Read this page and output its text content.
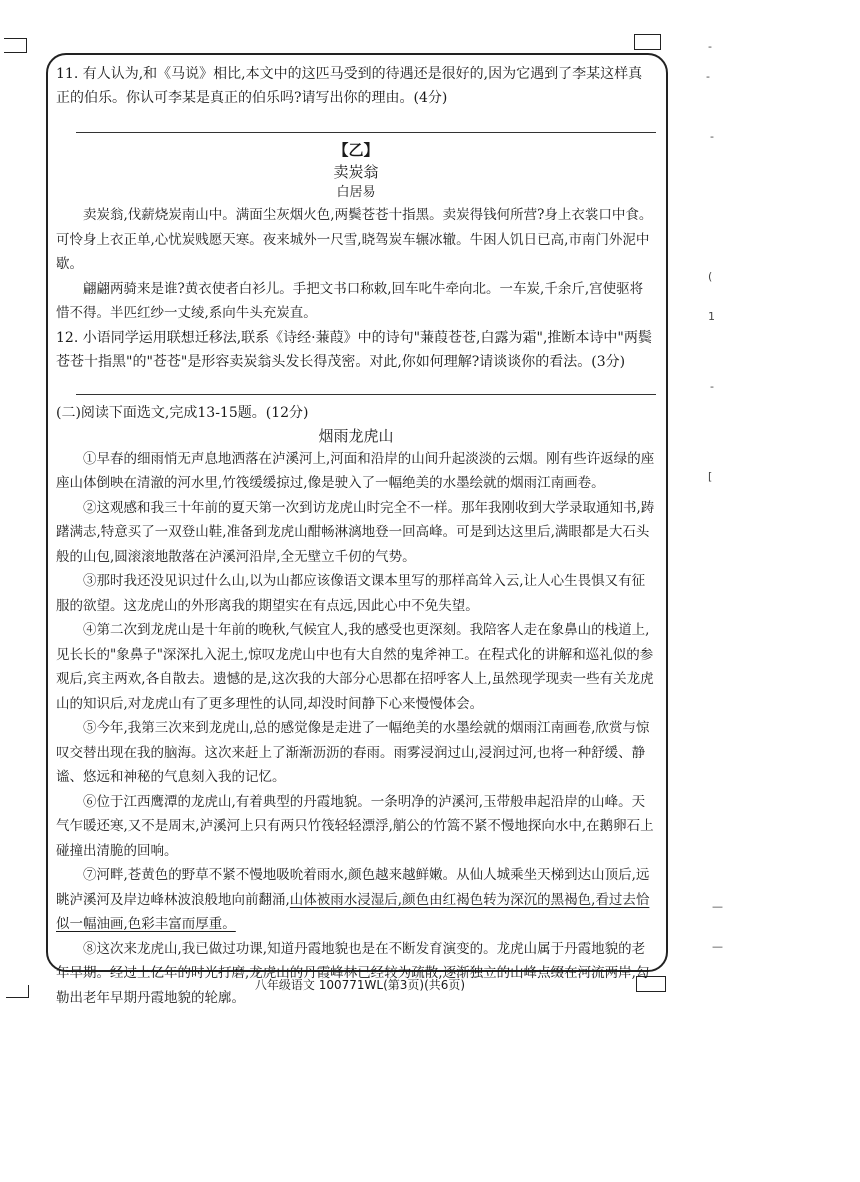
-
-
-
(
1
-
[
—
—
11. 有人认为,和《马说》相比,本文中的这匹马受到的待遇还是很好的,因为它遇到了李某这样真正的伯乐。你认可李某是真正的伯乐吗?请写出你的理由。(4分)
【乙】
卖炭翁
白居易

卖炭翁,伐薪烧炭南山中。满面尘灰烟火色,两鬓苍苍十指黑。卖炭得钱何所营?身上衣裳口中食。可怜身上衣正单,心忧炭贱愿天寒。夜来城外一尺雪,晓驾炭车辗冰辙。牛困人饥日已高,市南门外泥中歇。

翩翩两骑来是谁?黄衣使者白衫儿。手把文书口称敕,回车叱牛牵向北。一车炭,千余斤,宫使驱将惜不得。半匹红纱一丈绫,系向牛头充炭直。

12. 小语同学运用联想迁移法,联系《诗经·蒹葭》中的诗句"蒹葭苍苍,白露为霜",推断本诗中"两鬓苍苍十指黑"的"苍苍"是形容卖炭翁头发长得茂密。对此,你如何理解?请谈谈你的看法。(3分)
(二)阅读下面选文,完成13-15题。(12分)
烟雨龙虎山

①早春的细雨悄无声息地洒落在泸溪河上,河面和沿岸的山间升起淡淡的云烟。刚有些许返绿的座座山体倒映在清澈的河水里,竹筏缓缓掠过,像是驶入了一幅绝美的水墨绘就的烟雨江南画卷。

②这观感和我三十年前的夏天第一次到访龙虎山时完全不一样。那年我刚收到大学录取通知书,踌躇满志,特意买了一双登山鞋,准备到龙虎山酣畅淋漓地登一回高峰。可是到达这里后,满眼都是大石头般的山包,圆滚滚地散落在泸溪河沿岸,全无壁立千仞的气势。

③那时我还没见识过什么山,以为山都应该像语文课本里写的那样高耸入云,让人心生畏惧又有征服的欲望。这龙虎山的外形离我的期望实在有点远,因此心中不免失望。

④第二次到龙虎山是十年前的晚秋,气候宜人,我的感受也更深刻。我陪客人走在象鼻山的栈道上,见长长的"象鼻子"深深扎入泥土,惊叹龙虎山中也有大自然的鬼斧神工。在程式化的讲解和巡礼似的参观后,宾主两欢,各自散去。遗憾的是,这次我的大部分心思都在招呼客人上,虽然现学现卖一些有关龙虎山的知识后,对龙虎山有了更多理性的认同,却没时间静下心来慢慢体会。

⑤今年,我第三次来到龙虎山,总的感觉像是走进了一幅绝美的水墨绘就的烟雨江南画卷,欣赏与惊叹交替出现在我的脑海。这次来赶上了渐渐沥沥的春雨。雨雾浸润过山,浸润过河,也将一种舒缓、静谧、悠远和神秘的气息刻入我的记忆。

⑥位于江西鹰潭的龙虎山,有着典型的丹霞地貌。一条明净的泸溪河,玉带般串起沿岸的山峰。天气乍暖还寒,又不是周末,泸溪河上只有两只竹筏轻轻漂浮,艄公的竹篙不紧不慢地探向水中,在鹅卵石上碰撞出清脆的回响。

⑦河畔,苍黄色的野草不紧不慢地吸吮着雨水,颜色越来越鲜嫩。从仙人城乘坐天梯到达山顶后,远眺泸溪河及岸边峰林波浪般地向前翻涌,山体被雨水浸湿后,颜色由红褐色转为深沉的黑褐色,看过去恰似一幅油画,色彩丰富而厚重。

⑧这次来龙虎山,我已做过功课,知道丹霞地貌也是在不断发育演变的。龙虎山属于丹霞地貌的老年早期。经过上亿年的时光打磨,龙虎山的丹霞峰林已经较为疏散,逐渐独立的山峰点缀在河流两岸,勾勒出老年早期丹霞地貌的轮廓。

八年级语文 100771WL(第3页)(共6页)
